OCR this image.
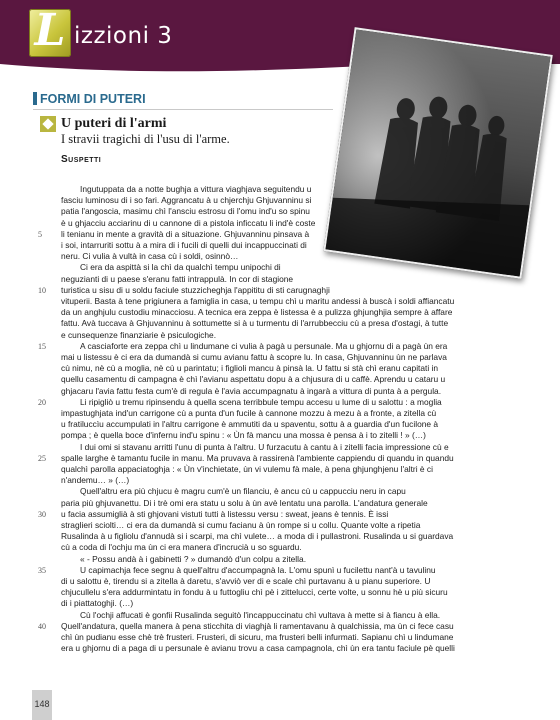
L izzioni 3
FORMI DI PUTERI
U puteri di l'armi
I stravii tragichi di l'usu di l'arme.
Suspetti
Ingutuppata da a notte bughja a vittura viaghjava seguitendu u
fasciu luminosu di i so fari. Aggrancatu à u chjerchju Ghjuvanninu si
patia l'angoscia, masimu chì l'ansciu estrosu di l'omu ind'u so spinu
è u ghjacciu acciarinu di u cannone di a pistola inficcatu li ind'è coste
li tenianu in mente a gravità di a situazione. Ghjuvanninu pinsava à
i soi, intarruriti sottu à a mira di i fucili di quelli dui incappuccinati di
neru. Ci vulia à vultà in casa cù i soldi, osinnò…
Ci era da aspittà si la chì da qualchì tempu unipochi di
neguzianti di u paese s'eranu fatti intrappulà. In cor di stagione
turistica u sisu di u soldu faciule stuzzicheghja l'appititu di sti carugnaghji
vituperii. Basta à tene prigiunera a famiglia in casa, u tempu chì u maritu andessi à buscà i soldi affiancatu
da un anghjulu custodiu minacciosu. A tecnica era zeppa è listessa è a pulizza ghjunghjia sempre à affare
fattu. Avà tuccava à Ghjuvanninu à sottumette si à u turmentu di l'arrubbecciu cù a presa d'ostagi, à tutte
e cunsequenze finanziarie è psiculogiche.
A casciaforte era zeppa chì u lindumane ci vulia à pagà u persunale. Ma u ghjornu di a pagà ùn era
mai u listessu è ci era da dumandà si cumu avianu fattu à scopre lu. In casa, Ghjuvanninu ùn ne parlava
cù nimu, nè cù a moglia, nè cù u parintatu; i figlioli mancu à pinsà la. U fattu si stà chì eranu capitati in
quellu casamentu di campagna è chì l'avianu aspettatu dopu à a chjusura di u caffè. Aprendu u cataru u
ghjacaru l'avia fattu festa cum'è di regula è l'avia accumpagnatu à ingarà a vittura di punta à a pergula.
Li ripigliò u tremu ripinsendu à quella scena terribbule tempu accesu u lume di u salottu : a moglia
impastughjata ind'un carrigone cù a punta d'un fucile à cannone mozzu à mezu à a fronte, a zitella cù
u fratiluccìu accumpulati in l'altru carrigone è ammutiti da u spaventu, sottu à a guardia d'un fucilone à
pompa ; è quella boce d'infernu ind'u spinu : « Ùn fà mancu una mossa è pensa à i to zitelli ! » (…)
I dui omi si stavanu arritti l'unu di punta à l'altru. U furzacutu à cantu à i zitelli facia impressione cù e
spalle larghe è tamantu fucile in manu. Ma pruvava à rassirenà l'ambiente cappiendu di quandu in quandu
qualchì parolla appaciatoghja : « Ùn v'inchietate, ùn vi vulemu fà male, à pena ghjunghjenu l'altri è ci
n'andemu… » (…)
Quell'altru era più chjucu è magru cum'è un filanciu, è ancu cù u cappucciu neru in capu
paria più ghjuvanettu. Di i trè omi era statu u solu à ùn avè lentatu una parolla. L'andatura generale
u facia assumiglià à sti ghjovani vistuti tutti à listessu versu : sweat, jeans è tennis. È issi
straglieri sciolti… ci era da dumandà si cumu facianu à ùn rompe si u collu. Quante volte a ripetia
Rusalinda à u figliolu d'annudà si i scarpi, ma chì vulete… a moda di i pullastroni. Rusalinda u si guardava
cù a coda di l'ochju ma ùn ci era manera d'incrucià u so sguardu.
« - Possu andà à i gabinetti ? » dumandò d'un colpu a zitella.
U capimachja fece segnu à quell'altru d'accumpagnà la. L'omu spunì u fucilettu nant'à u tavulinu
di u salottu è, tirendu si a zitella à daretu, s'avviò ver di e scale chì purtavanu à u pianu superiore. U
chjucullelu s'era addurmintatu in fondu à u futtogliu chì pè i zittelucci, certe volte, u sonnu hè u più sicuru
di i piattatoghji. (…)
Cù l'ochji affucati è gonfii Rusalinda seguitò l'incappuccinatu chì vultava à mette si à fiancu à ella.
Quell'andatura, quella manera à pena sticchita di viaghjà li ramentavanu à qualchissia, ma ùn ci fece casu
chì ùn pudianu esse chè trè frusteri. Frusteri, di sicuru, ma frusteri belli infurmati. Sapianu chì u lindumane
era u ghjornu di a paga di u persunale è avianu trovu a casa campagnola, chì ùn era tantu faciule pè quelli
5
10
15
20
25
30
35
40
148
